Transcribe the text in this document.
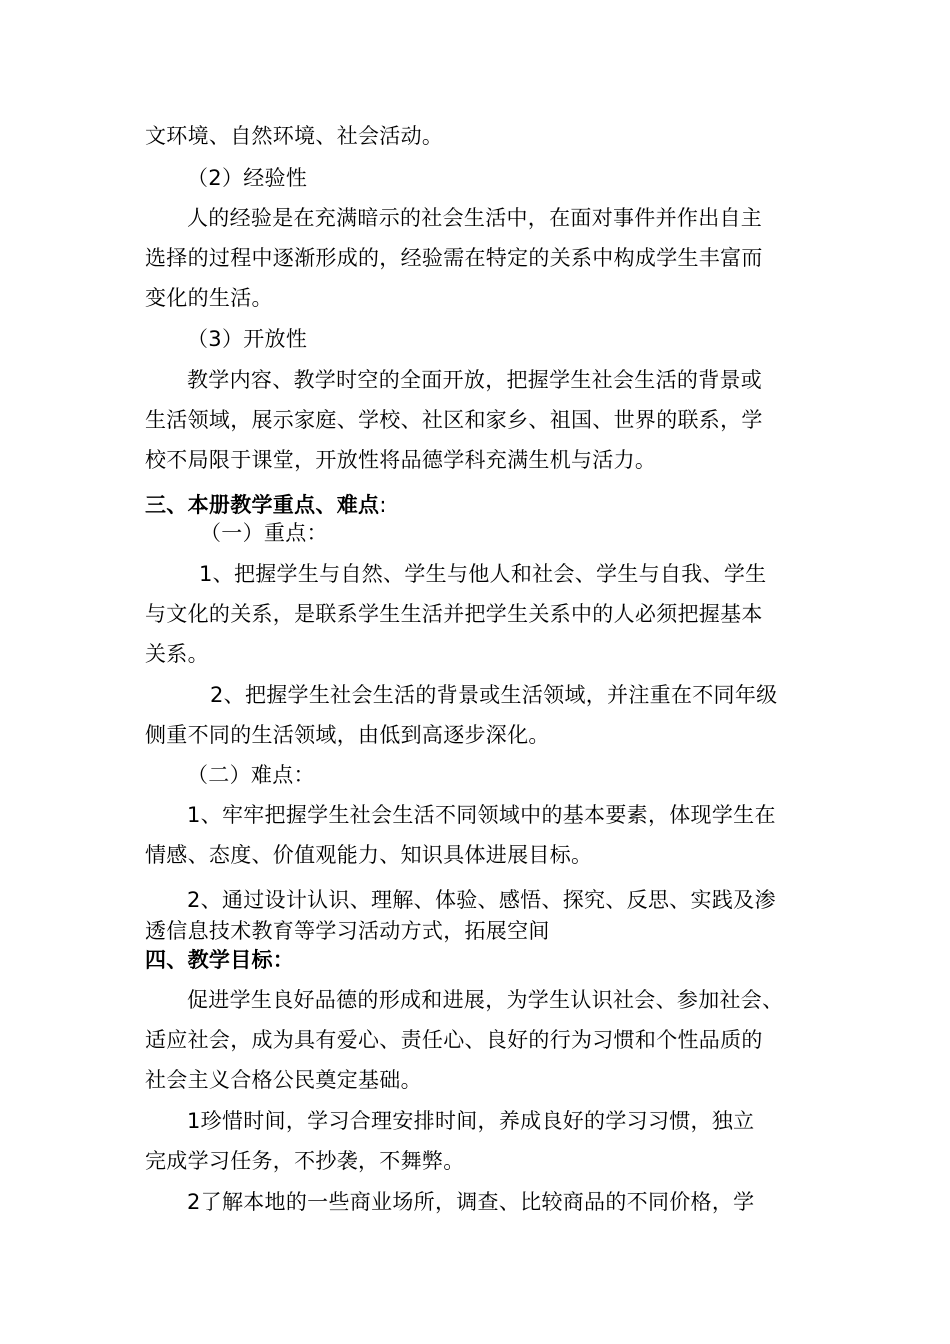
文环境、自然环境、社会活动。
（2）经验性
人的经验是在充满暗示的社会生活中，在面对事件并作出自主
选择的过程中逐渐形成的，经验需在特定的关系中构成学生丰富而
变化的生活。
（3）开放性
教学内容、教学时空的全面开放，把握学生社会生活的背景或
生活领域，展示家庭、学校、社区和家乡、祖国、世界的联系，学
校不局限于课堂，开放性将品德学科充满生机与活力。
三、本册教学重点、难点:
（一）重点：
1、把握学生与自然、学生与他人和社会、学生与自我、学生
与文化的关系，是联系学生生活并把学生关系中的人必须把握基本
关系。
2、把握学生社会生活的背景或生活领域，并注重在不同年级
侧重不同的生活领域，由低到高逐步深化。
（二）难点：
1、牢牢把握学生社会生活不同领域中的基本要素，体现学生在
情感、态度、价值观能力、知识具体进展目标。
2、通过设计认识、理解、体验、感悟、探究、反思、实践及渗
透信息技术教育等学习活动方式，拓展空间
四、教学目标：
促进学生良好品德的形成和进展，为学生认识社会、参加社会、
适应社会，成为具有爱心、责任心、良好的行为习惯和个性品质的
社会主义合格公民奠定基础。
1珍惜时间，学习合理安排时间，养成良好的学习习惯，独立
完成学习任务，不抄袭，不舞弊。
2了解本地的一些商业场所，调查、比较商品的不同价格，学
